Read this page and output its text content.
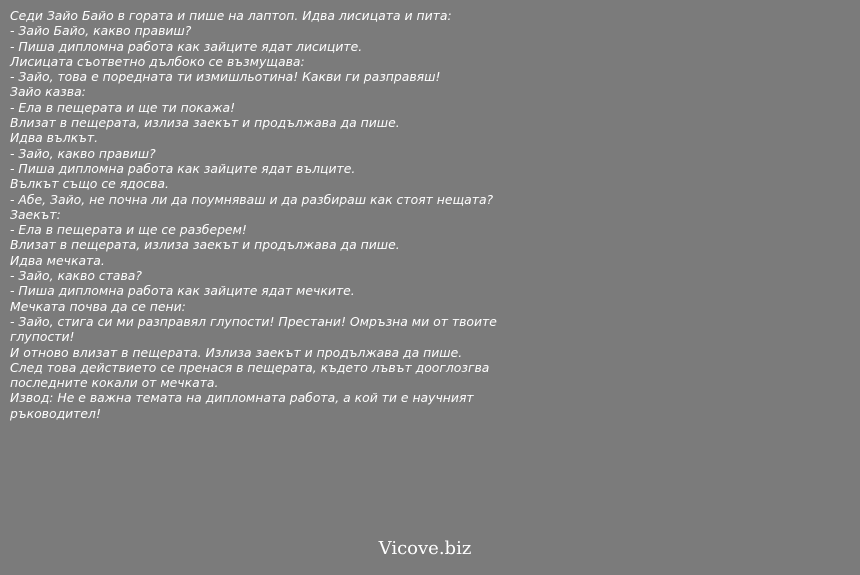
Седи Зайо Байо в гората и пише на лаптоп. Идва лисицата и пита:
- Зайо Байо, какво правиш?
- Пиша дипломна работа как зайците ядат лисиците.
Лисицата съответно дълбоко се възмущава:
- Зайо, това е поредната ти измишльотина! Какви ги разправяш!
Зайо казва:
- Ела в пещерата и ще ти покажа!
Влизат в пещерата, излиза заекът и продължава да пише.
Идва вълкът.
- Зайо, какво правиш?
- Пиша дипломна работа как зайците ядат вълците.
Вълкът също се ядосва.
- Абе, Зайо, не почна ли да поумняваш и да разбираш как стоят нещата?
Заекът:
- Ела в пещерата и ще се разберем!
Влизат в пещерата, излиза заекът и продължава да пише.
Идва мечката.
- Зайо, какво става?
- Пиша дипломна работа как зайците ядат мечките.
Мечката почва да се пени:
- Зайо, стига си ми разправял глупости! Престани! Омръзна ми от твоите глупости!
И отново влизат в пещерата. Излиза заекът и продължава да пише.
След това действието се пренася в пещерата, където лъвът дооглозгва последните кокали от мечката.
Извод: Не е важна темата на дипломната работа, а кой ти е научният ръководител!
Vicove.biz
